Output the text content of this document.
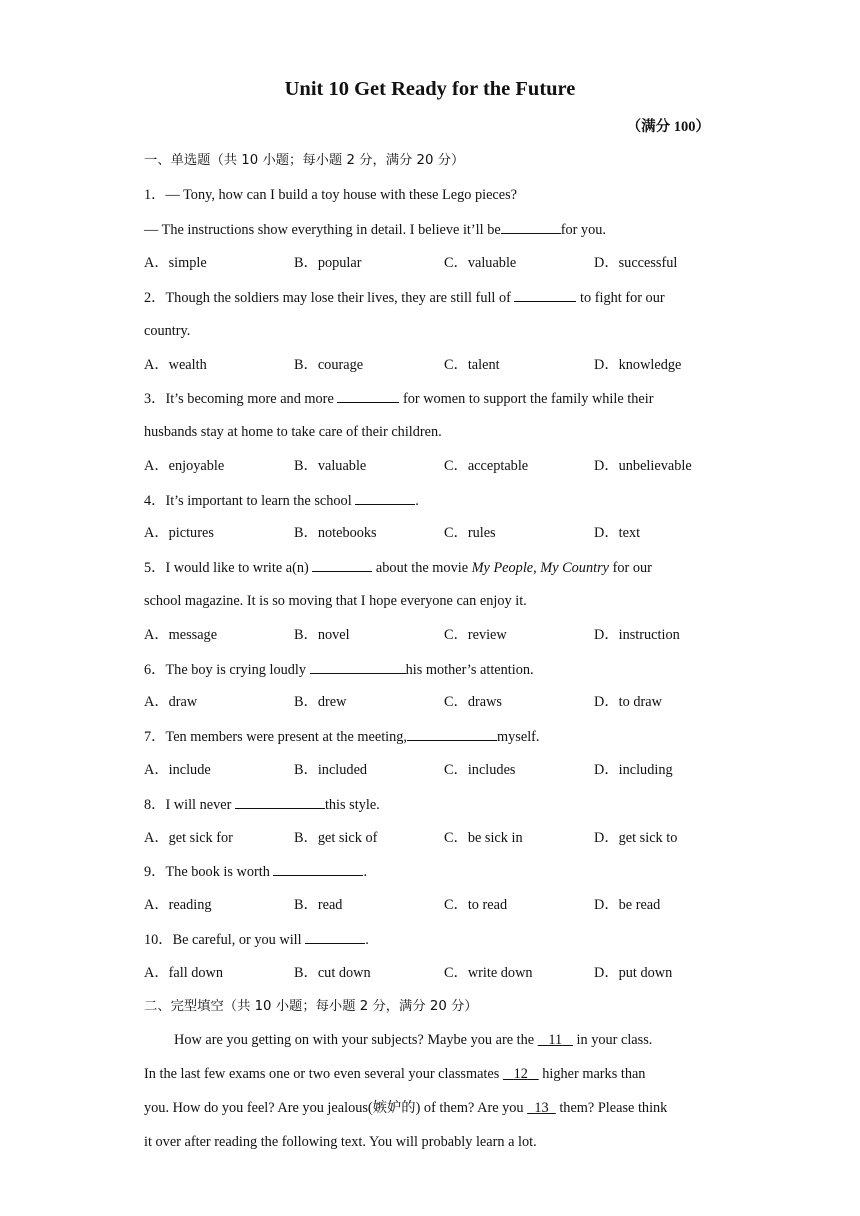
Unit 10 Get Ready for the Future
（满分 100）
一、单选题（共 10 小题；每小题 2 分，满分 20 分）
1．— Tony, how can I build a toy house with these Lego pieces?
— The instructions show everything in detail. I believe it’ll be	for you.
A．simple	B．popular	C．valuable	D．successful
2．Though the soldiers may lose their lives, they are still full of	to fight for our
country.
A．wealth	B．courage	C．talent	D．knowledge
3．It’s becoming more and more	for women to support the family while their
husbands stay at home to take care of their children.
A．enjoyable	B．valuable	C．acceptable	D．unbelievable
4．It’s important to learn the school	.
A．pictures	B．notebooks	C．rules	D．text
5．I would like to write a(n)	about the movie My People, My Country for our
school magazine. It is so moving that I hope everyone can enjoy it.
A．message	B．novel	C．review	D．instruction
6．The boy is crying loudly	his mother’s attention.
A．draw	B．drew	C．draws	D．to draw
7．Ten members were present at the meeting,	myself.
A．include	B．included	C．includes	D．including
8．I will never	this style.
A．get sick for	B．get sick of	C．be sick in	D．get sick to
9．The book is worth	.
A．reading	B．read	C．to read	D．be read
10．Be careful, or you will	.
A．fall down	B．cut down	C．write down	D．put down
二、完型填空（共 10 小题；每小题 2 分，满分 20 分）
How are you getting on with your subjects? Maybe you are the    11    in your class.
In the last few exams one or two even several your classmates    12    higher marks than
you. How do you feel? Are you jealous(嫉妒的) of them? Are you   13   them? Please think
it over after reading the following text. You will probably learn a lot.
